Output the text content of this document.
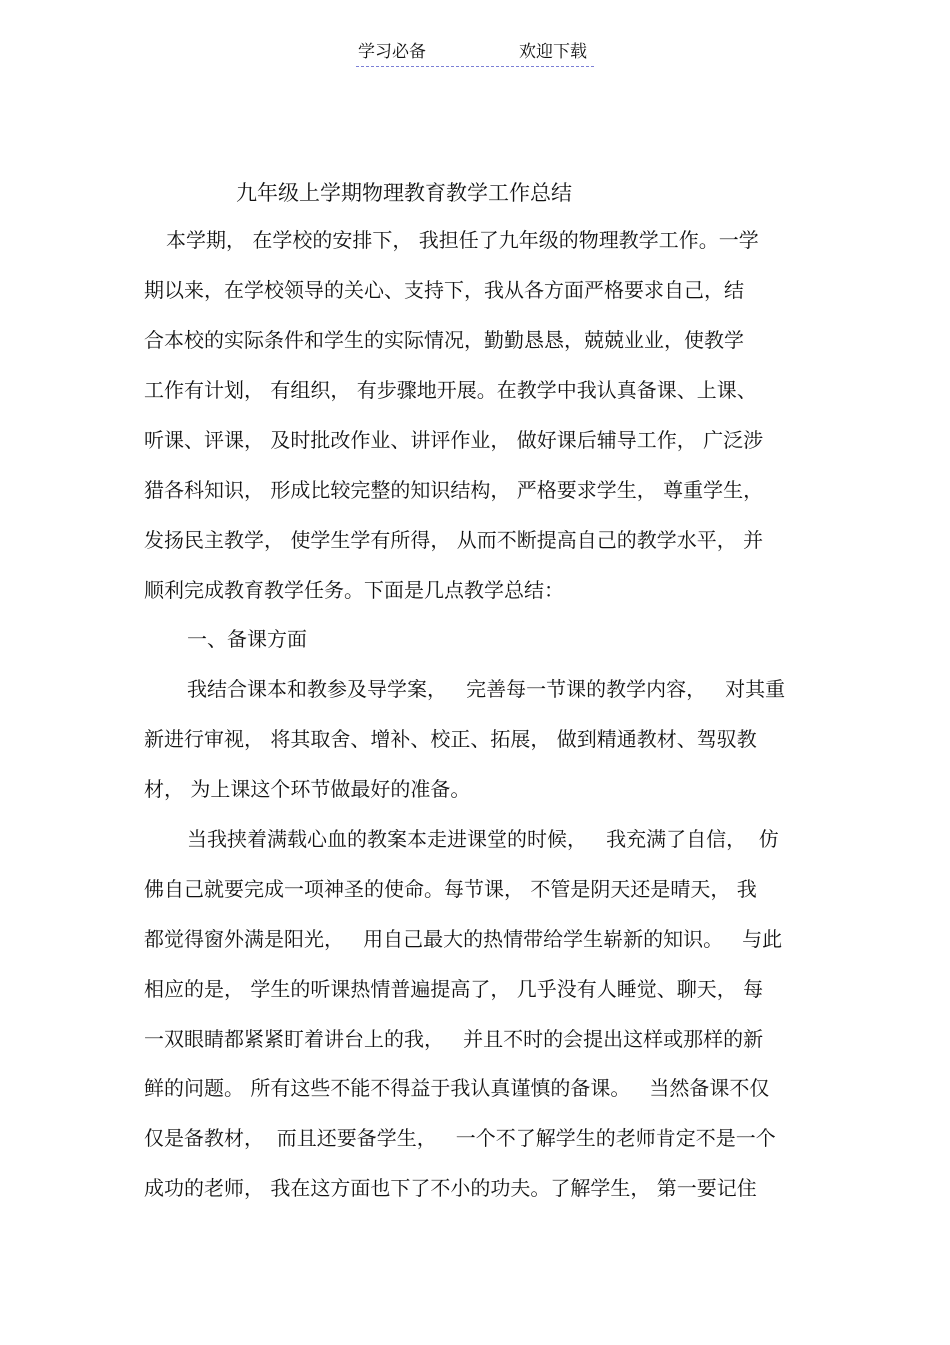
学习必备	欢迎下载
九年级上学期物理教育教学工作总结
本学期， 在学校的安排下， 我担任了九年级的物理教学工作。一学
期以来，在学校领导的关心、支持下，我从各方面严格要求自己，结
合本校的实际条件和学生的实际情况，勤勤恳恳，兢兢业业，使教学
工作有计划， 有组织， 有步骤地开展。在教学中我认真备课、上课、
听课、评课， 及时批改作业、讲评作业， 做好课后辅导工作， 广泛涉
猎各科知识， 形成比较完整的知识结构， 严格要求学生， 尊重学生，
发扬民主教学， 使学生学有所得， 从而不断提高自己的教学水平， 并
顺利完成教育教学任务。下面是几点教学总结：
一、备课方面
我结合课本和教参及导学案，   完善每一节课的教学内容，   对其重
新进行审视， 将其取舍、增补、校正、拓展， 做到精通教材、驾驭教
材， 为上课这个环节做最好的准备。
当我挟着满载心血的教案本走进课堂的时候，   我充满了自信，  仿
佛自己就要完成一项神圣的使命。每节课， 不管是阴天还是晴天， 我
都觉得窗外满是阳光，   用自己最大的热情带给学生崭新的知识。   与此
相应的是， 学生的听课热情普遍提高了， 几乎没有人睡觉、聊天， 每
一双眼睛都紧紧盯着讲台上的我，   并且不时的会提出这样或那样的新
鲜的问题。 所有这些不能不得益于我认真谨慎的备课。   当然备课不仅
仅是备教材，  而且还要备学生，   一个不了解学生的老师肯定不是一个
成功的老师， 我在这方面也下了不小的功夫。了解学生， 第一要记住
